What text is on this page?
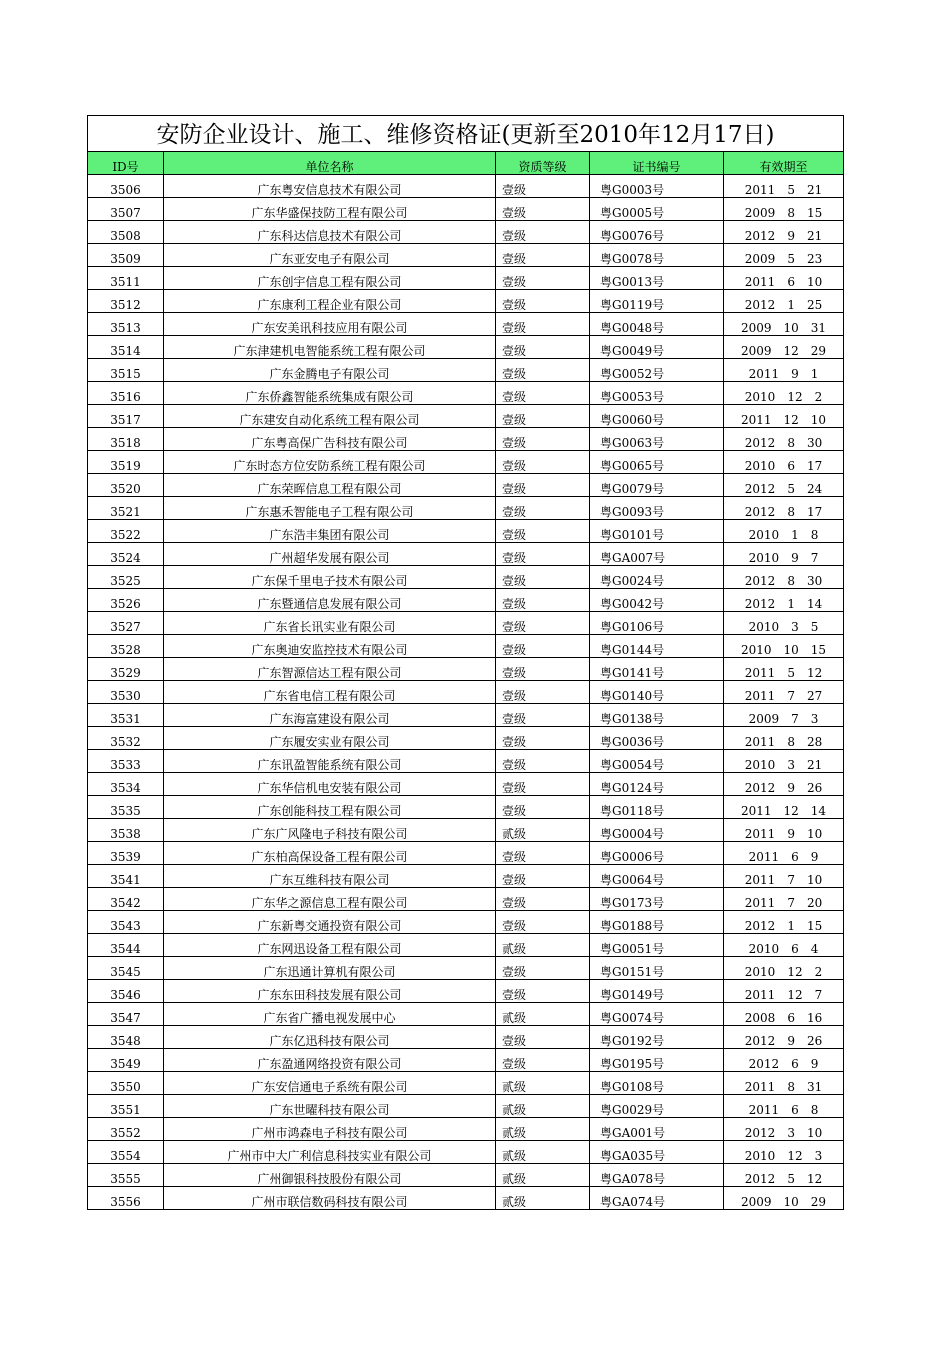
安防企业设计、施工、维修资格证(更新至2010年12月17日)				
ID号	单位名称	资质等级	证书编号	有效期至
3506	广东粤安信息技术有限公司	壹级	粤G0003号	2011　5　21
3507	广东华盛保技防工程有限公司	壹级	粤G0005号	2009　8　15
3508	广东科达信息技术有限公司	壹级	粤G0076号	2012　9　21
3509	广东亚安电子有限公司	壹级	粤G0078号	2009　5　23
3511	广东创宇信息工程有限公司	壹级	粤G0013号	2011　6　10
3512	广东康利工程企业有限公司	壹级	粤G0119号	2012　1　25
3513	广东安美讯科技应用有限公司	壹级	粤G0048号	2009　10　31
3514	广东津建机电智能系统工程有限公司	壹级	粤G0049号	2009　12　29
3515	广东金腾电子有限公司	壹级	粤G0052号	2011　9　1
3516	广东侨鑫智能系统集成有限公司	壹级	粤G0053号	2010　12　2
3517	广东建安自动化系统工程有限公司	壹级	粤G0060号	2011　12　10
3518	广东粤高保广告科技有限公司	壹级	粤G0063号	2012　8　30
3519	广东时态方位安防系统工程有限公司	壹级	粤G0065号	2010　6　17
3520	广东荣晖信息工程有限公司	壹级	粤G0079号	2012　5　24
3521	广东惠禾智能电子工程有限公司	壹级	粤G0093号	2012　8　17
3522	广东浩丰集团有限公司	壹级	粤G0101号	2010　1　8
3524	广州超华发展有限公司	壹级	粤GA007号	2010　9　7
3525	广东保千里电子技术有限公司	壹级	粤G0024号	2012　8　30
3526	广东暨通信息发展有限公司	壹级	粤G0042号	2012　1　14
3527	广东省长讯实业有限公司	壹级	粤G0106号	2010　3　5
3528	广东奥迪安监控技术有限公司	壹级	粤G0144号	2010　10　15
3529	广东智源信达工程有限公司	壹级	粤G0141号	2011　5　12
3530	广东省电信工程有限公司	壹级	粤G0140号	2011　7　27
3531	广东海富建设有限公司	壹级	粤G0138号	2009　7　3
3532	广东履安实业有限公司	壹级	粤G0036号	2011　8　28
3533	广东讯盈智能系统有限公司	壹级	粤G0054号	2010　3　21
3534	广东华信机电安装有限公司	壹级	粤G0124号	2012　9　26
3535	广东创能科技工程有限公司	壹级	粤G0118号	2011　12　14
3538	广东广风隆电子科技有限公司	贰级	粤G0004号	2011　9　10
3539	广东柏高保设备工程有限公司	壹级	粤G0006号	2011　6　9
3541	广东互维科技有限公司	壹级	粤G0064号	2011　7　10
3542	广东华之源信息工程有限公司	壹级	粤G0173号	2011　7　20
3543	广东新粤交通投资有限公司	壹级	粤G0188号	2012　1　15
3544	广东网迅设备工程有限公司	贰级	粤G0051号	2010　6　4
3545	广东迅通计算机有限公司	壹级	粤G0151号	2010　12　2
3546	广东东田科技发展有限公司	壹级	粤G0149号	2011　12　7
3547	广东省广播电视发展中心	贰级	粤G0074号	2008　6　16
3548	广东亿迅科技有限公司	壹级	粤G0192号	2012　9　26
3549	广东盈通网络投资有限公司	壹级	粤G0195号	2012　6　9
3550	广东安信通电子系统有限公司	贰级	粤G0108号	2011　8　31
3551	广东世曜科技有限公司	贰级	粤G0029号	2011　6　8
3552	广州市鸿森电子科技有限公司	贰级	粤GA001号	2012　3　10
3554	广州市中大广利信息科技实业有限公司	贰级	粤GA035号	2010　12　3
3555	广州御银科技股份有限公司	贰级	粤GA078号	2012　5　12
3556	广州市联信数码科技有限公司	贰级	粤GA074号	2009　10　29
